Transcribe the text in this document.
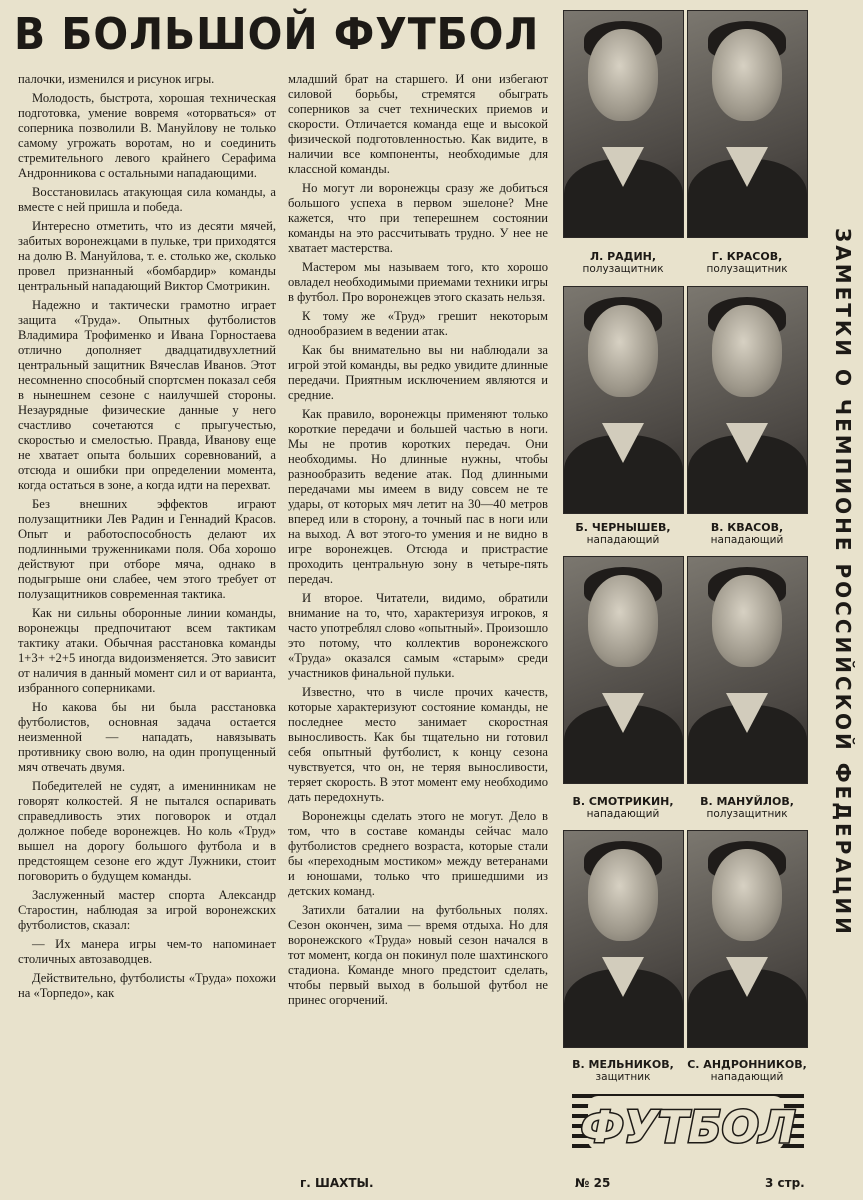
В БОЛЬШОЙ ФУТБОЛ

палочки, изменился и рисунок игры.

Молодость, быстрота, хорошая техническая подготовка, умение вовремя «оторваться» от соперника позволили В. Мануйлову не только самому угрожать воротам, но и соединить стремительного левого крайнего Серафима Андронникова с остальными нападающими.

Восстановилась атакующая сила команды, а вместе с ней пришла и победа.

Интересно отметить, что из десяти мячей, забитых воронежцами в пульке, три приходятся на долю В. Мануйлова, т. е. столько же, сколько провел признанный «бомбардир» команды центральный нападающий Виктор Смотрикин.

Надежно и тактически грамотно играет защита «Труда». Опытных футболистов Владимира Трофименко и Ивана Горностаева отлично дополняет двадцатидвухлетний центральный защитник Вячеслав Иванов. Этот несомненно способный спортсмен показал себя в нынешнем сезоне с наилучшей стороны. Незаурядные физические данные у него счастливо сочетаются с прыгучестью, скоростью и смелостью. Правда, Иванову еще не хватает опыта больших соревнований, а отсюда и ошибки при определении момента, когда остаться в зоне, а когда идти на перехват.

Без внешних эффектов играют полузащитники Лев Радин и Геннадий Красов. Опыт и работоспособность делают их подлинными труженниками поля. Оба хорошо действуют при отборе мяча, однако в подыгрыше они слабее, чем этого требует от полузащитников современная тактика.

Как ни сильны оборонные линии команды, воронежцы предпочитают всем тактикам тактику атаки. Обычная расстановка команды 1+3+ +2+5 иногда видоизменяется. Это зависит от наличия в данный момент сил и от варианта, избранного соперниками.

Но какова бы ни была расстановка футболистов, основная задача остается неизменной — нападать, навязывать противнику свою волю, на один пропущенный мяч отвечать двумя.

Победителей не судят, а именинникам не говорят колкостей. Я не пытался оспаривать справедливость этих поговорок и отдал должное победе воронежцев. Но коль «Труд» вышел на дорогу большого футбола и в предстоящем сезоне его ждут Лужники, стоит поговорить о будущем команды.

Заслуженный мастер спорта Александр Старостин, наблюдая за игрой воронежских футболистов, сказал:

— Их манера игры чем-то напоминает столичных автозаводцев.

Действительно, футболисты «Труда» похожи на «Торпедо», как

младший брат на старшего. И они избегают силовой борьбы, стремятся обыграть соперников за счет технических приемов и скорости. Отличается команда еще и высокой физической подготовленностью. Как видите, в наличии все компоненты, необходимые для классной команды.

Но могут ли воронежцы сразу же добиться большого успеха в первом эшелоне? Мне кажется, что при теперешнем состоянии команды на это рассчитывать трудно. У нее не хватает мастерства.

Мастером мы называем того, кто хорошо овладел необходимыми приемами техники игры в футбол. Про воронежцев этого сказать нельзя.

К тому же «Труд» грешит некоторым однообразием в ведении атак.

Как бы внимательно вы ни наблюдали за игрой этой команды, вы редко увидите длинные передачи. Приятным исключением являются и средние.

Как правило, воронежцы применяют только короткие передачи и большей частью в ноги. Мы не против коротких передач. Они необходимы. Но длинные нужны, чтобы разнообразить ведение атак. Под длинными передачами мы имеем в виду совсем не те удары, от которых мяч летит на 30—40 метров вперед или в сторону, а точный пас в ноги или на выход. А вот этого-то умения и не видно в игре воронежцев. Отсюда и пристрастие проходить центральную зону в четыре-пять передач.

И второе. Читатели, видимо, обратили внимание на то, что, характеризуя игроков, я часто употреблял слово «опытный». Произошло это потому, что коллектив воронежского «Труда» оказался самым «старым» среди участников финальной пульки.

Известно, что в числе прочих качеств, которые характеризуют состояние команды, не последнее место занимает скоростная выносливость. Как бы тщательно ни готовил себя опытный футболист, к концу сезона чувствуется, что он, не теряя выносливости, теряет скорость. В этот момент ему необходимо дать передохнуть.

Воронежцы сделать этого не могут. Дело в том, что в составе команды сейчас мало футболистов среднего возраста, которые стали бы «переходным мостиком» между ветеранами и юношами, только что пришедшими из детских команд.

Затихли баталии на футбольных полях. Сезон окончен, зима — время отдыха. Но для воронежского «Труда» новый сезон начался в тот момент, когда он покинул поле шахтинского стадиона. Команде много предстоит сделать, чтобы первый выход в большой футбол не принес огорчений.

Л. РАДИН,
полузащитник
Г. КРАСОВ,
полузащитник
Б. ЧЕРНЫШЕВ,
нападающий
В. КВАСОВ,
нападающий
В. СМОТРИКИН,
нападающий
В. МАНУЙЛОВ,
полузащитник
В. МЕЛЬНИКОВ,
защитник
С. АНДРОННИКОВ,
нападающий
ЗАМЕТКИ О ЧЕМПИОНЕ РОССИЙСКОЙ ФЕДЕРАЦИИ
ФУТБОЛ
г. ШАХТЫ.	№ 25	3 стр.
